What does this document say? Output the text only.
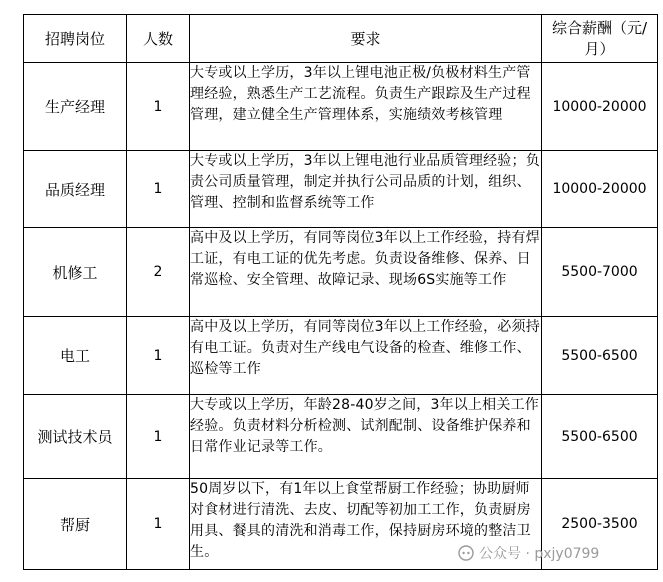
招聘岗位	人数	要求	综合薪酬（元/月）
生产经理	1	大专或以上学历，3年以上锂电池正极/负极材料生产管理经验，熟悉生产工艺流程。负责生产跟踪及生产过程管理，建立健全生产管理体系，实施绩效考核管理	10000-20000
品质经理	1	大专或以上学历，3年以上锂电池行业品质管理经验；负责公司质量管理，制定并执行公司品质的计划，组织、管理、控制和监督系统等工作	10000-20000
机修工	2	高中及以上学历，有同等岗位3年以上工作经验，持有焊工证，有电工证的优先考虑。负责设备维修、保养、日常巡检、安全管理、故障记录、现场6S实施等工作	5500-7000
电工	1	高中及以上学历，有同等岗位3年以上工作经验，必须持有电工证。负责对生产线电气设备的检查、维修工作、巡检等工作	5500-6500
测试技术员	1	大专或以上学历，年龄28-40岁之间，3年以上相关工作经验。负责材料分析检测、试剂配制、设备维护保养和日常作业记录等工作。	5500-6500
帮厨	1	50周岁以下，有1年以上食堂帮厨工作经验；协助厨师对食材进行清洗、去皮、切配等初加工工作，负责厨房用具、餐具的清洗和消毒工作，保持厨房环境的整洁卫生。	2500-3500
公众号 · pxjy0799
